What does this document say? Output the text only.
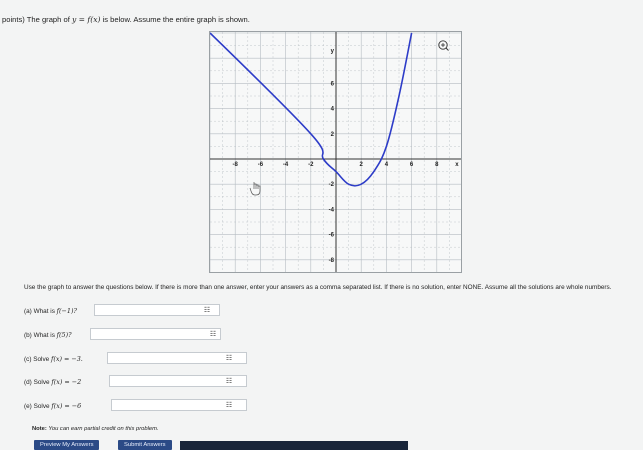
points) The graph of y = f(x) is below. Assume the entire graph is shown.
-8	-6	-4	-2	2	4	6	8	x
y
6
4
2
-2
-4
-6
-8
Use the graph to answer the questions below. If there is more than one answer, enter your answers as a comma separated list. If there is no solution, enter NONE. Assume all the solutions are whole numbers.
(a) What is f(−1)?	☷
(b) What is f(5)?	☷
(c) Solve f(x) = −3.	☷
(d) Solve f(x) = −2	☷
(e) Solve f(x) = −6	☷
Note: You can earn partial credit on this problem.
Preview My Answers	Submit Answers
